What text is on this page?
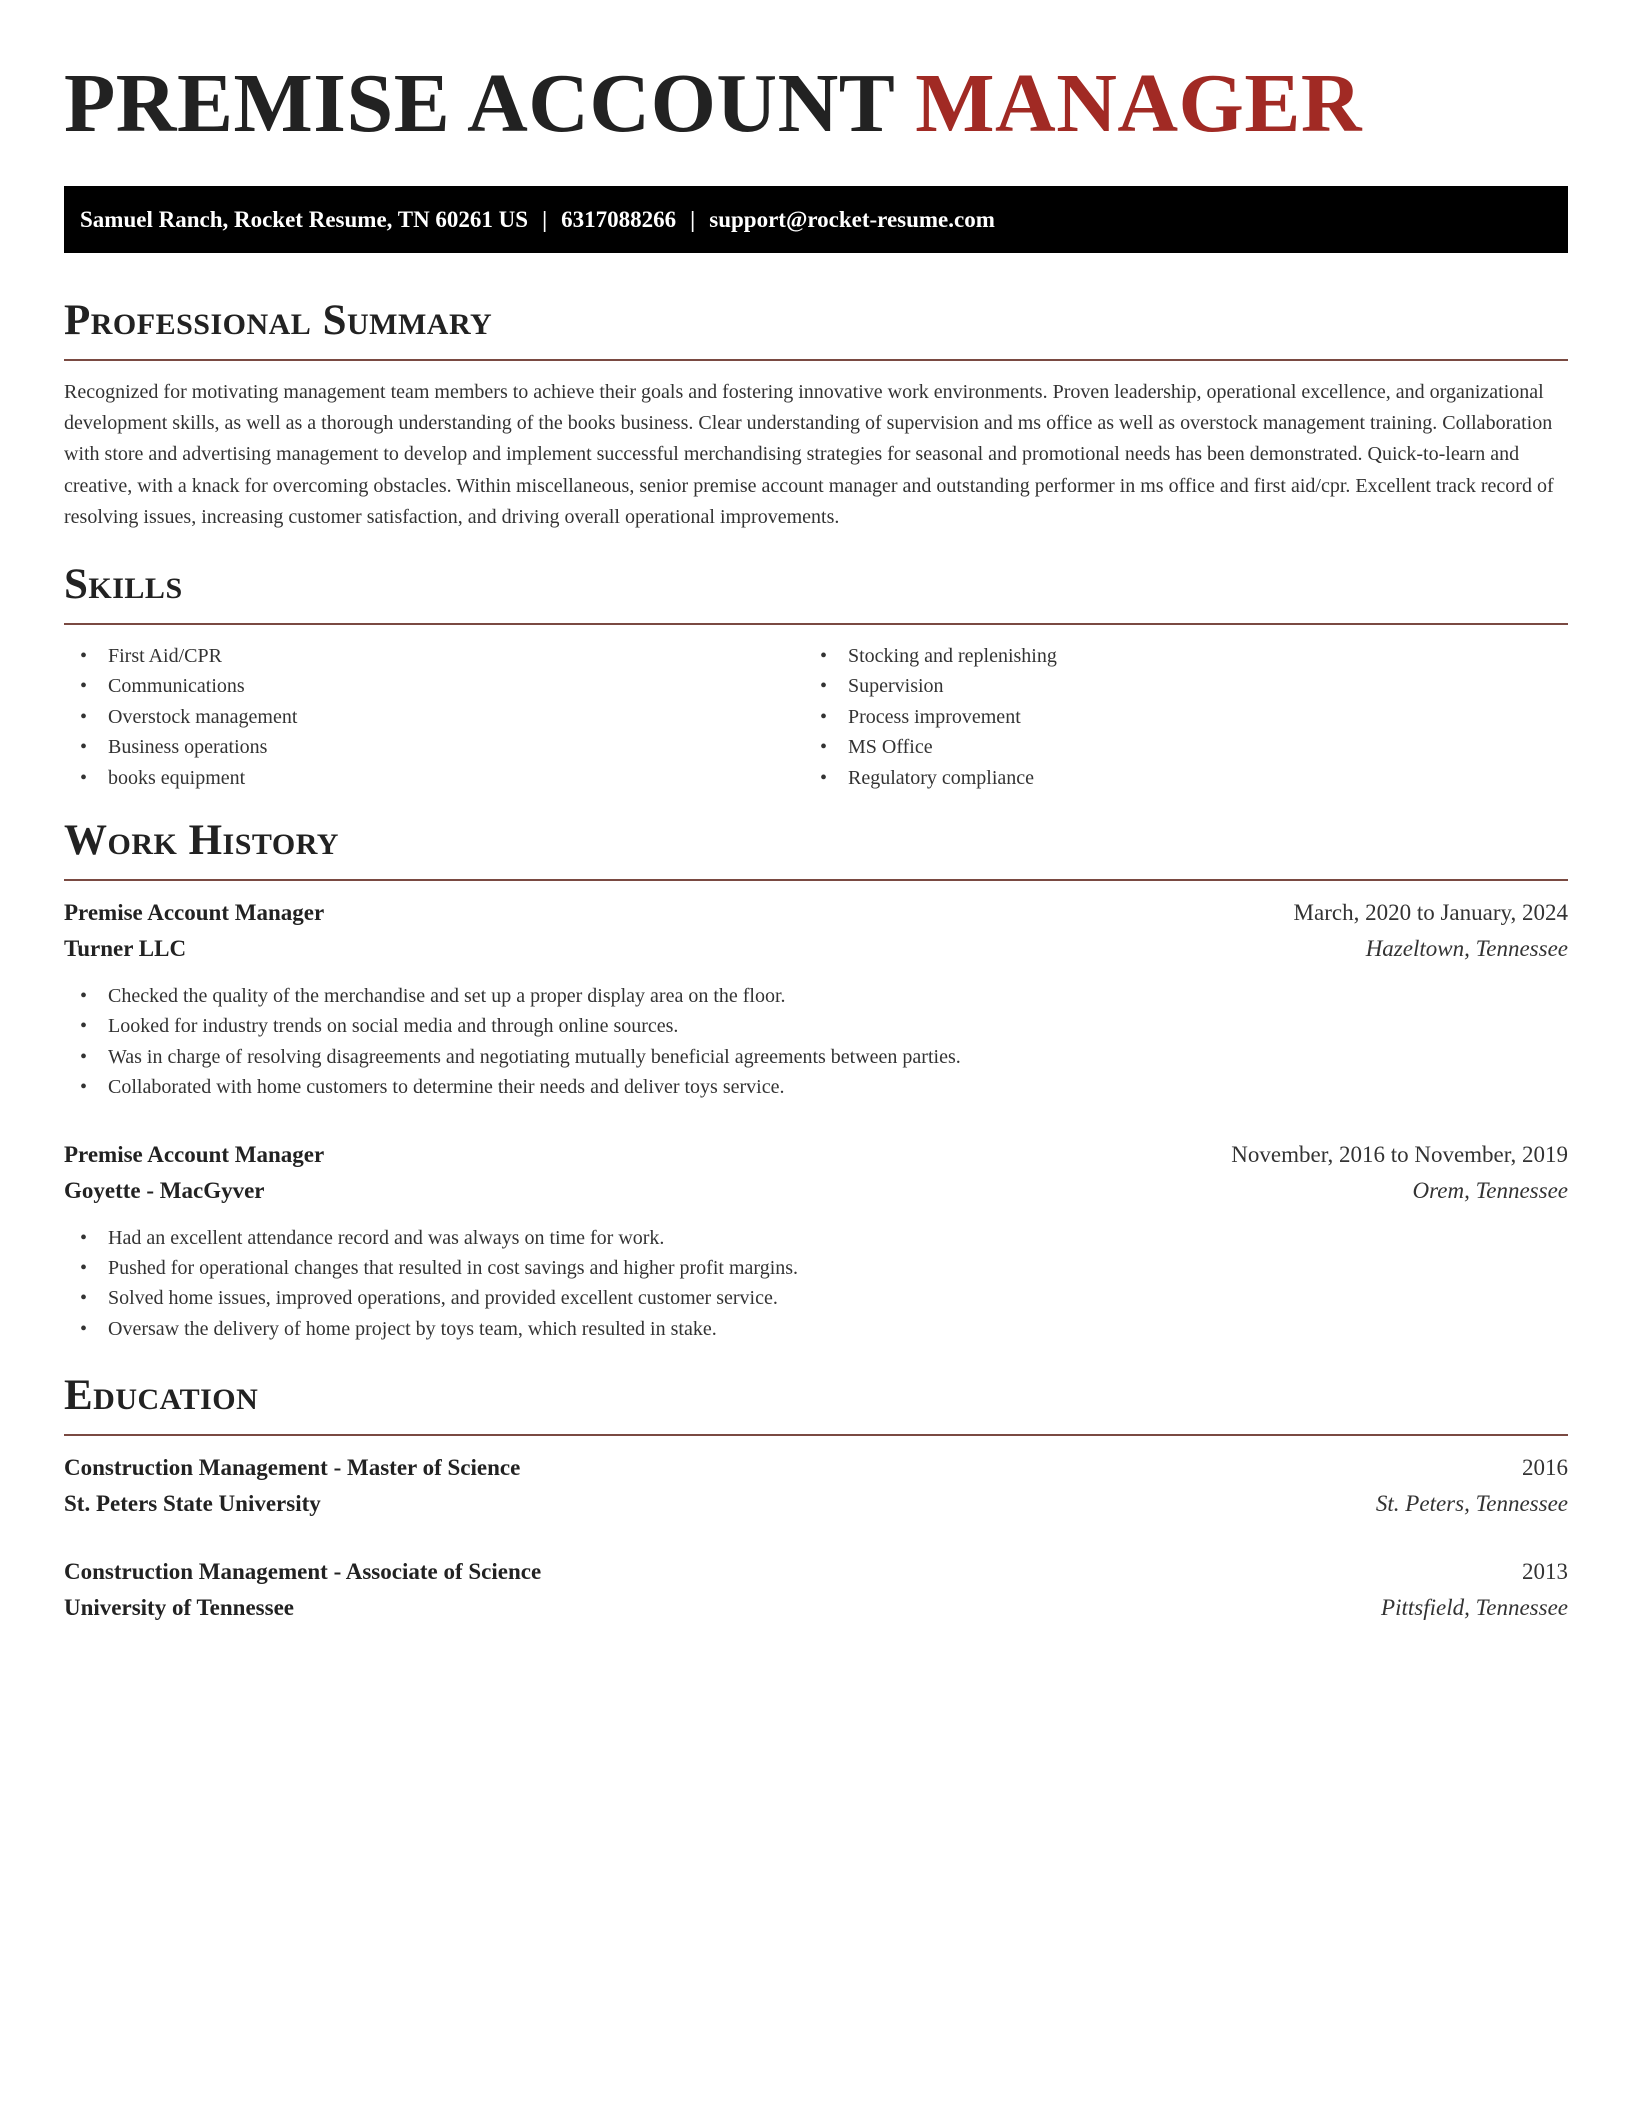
PREMISE ACCOUNT MANAGER
Samuel Ranch, Rocket Resume, TN 60261 US | 6317088266 | support@rocket-resume.com
Professional Summary

Recognized for motivating management team members to achieve their goals and fostering innovative work environments. Proven leadership, operational excellence, and organizational development skills, as well as a thorough understanding of the books business. Clear understanding of supervision and ms office as well as overstock management training. Collaboration with store and advertising management to develop and implement successful merchandising strategies for seasonal and promotional needs has been demonstrated. Quick-to-learn and creative, with a knack for overcoming obstacles. Within miscellaneous, senior premise account manager and outstanding performer in ms office and first aid/cpr. Excellent track record of resolving issues, increasing customer satisfaction, and driving overall operational improvements.

Skills
• First Aid/CPR
• Communications
• Overstock management
• Business operations
• books equipment
• Stocking and replenishing
• Supervision
• Process improvement
• MS Office
• Regulatory compliance
Work History
Premise Account Manager	March, 2020 to January, 2024
Turner LLC	Hazeltown, Tennessee
• Checked the quality of the merchandise and set up a proper display area on the floor.
• Looked for industry trends on social media and through online sources.
• Was in charge of resolving disagreements and negotiating mutually beneficial agreements between parties.
• Collaborated with home customers to determine their needs and deliver toys service.
Premise Account Manager	November, 2016 to November, 2019
Goyette - MacGyver	Orem, Tennessee
• Had an excellent attendance record and was always on time for work.
• Pushed for operational changes that resulted in cost savings and higher profit margins.
• Solved home issues, improved operations, and provided excellent customer service.
• Oversaw the delivery of home project by toys team, which resulted in stake.
Education
Construction Management - Master of Science	2016
St. Peters State University	St. Peters, Tennessee
Construction Management - Associate of Science	2013
University of Tennessee	Pittsfield, Tennessee
